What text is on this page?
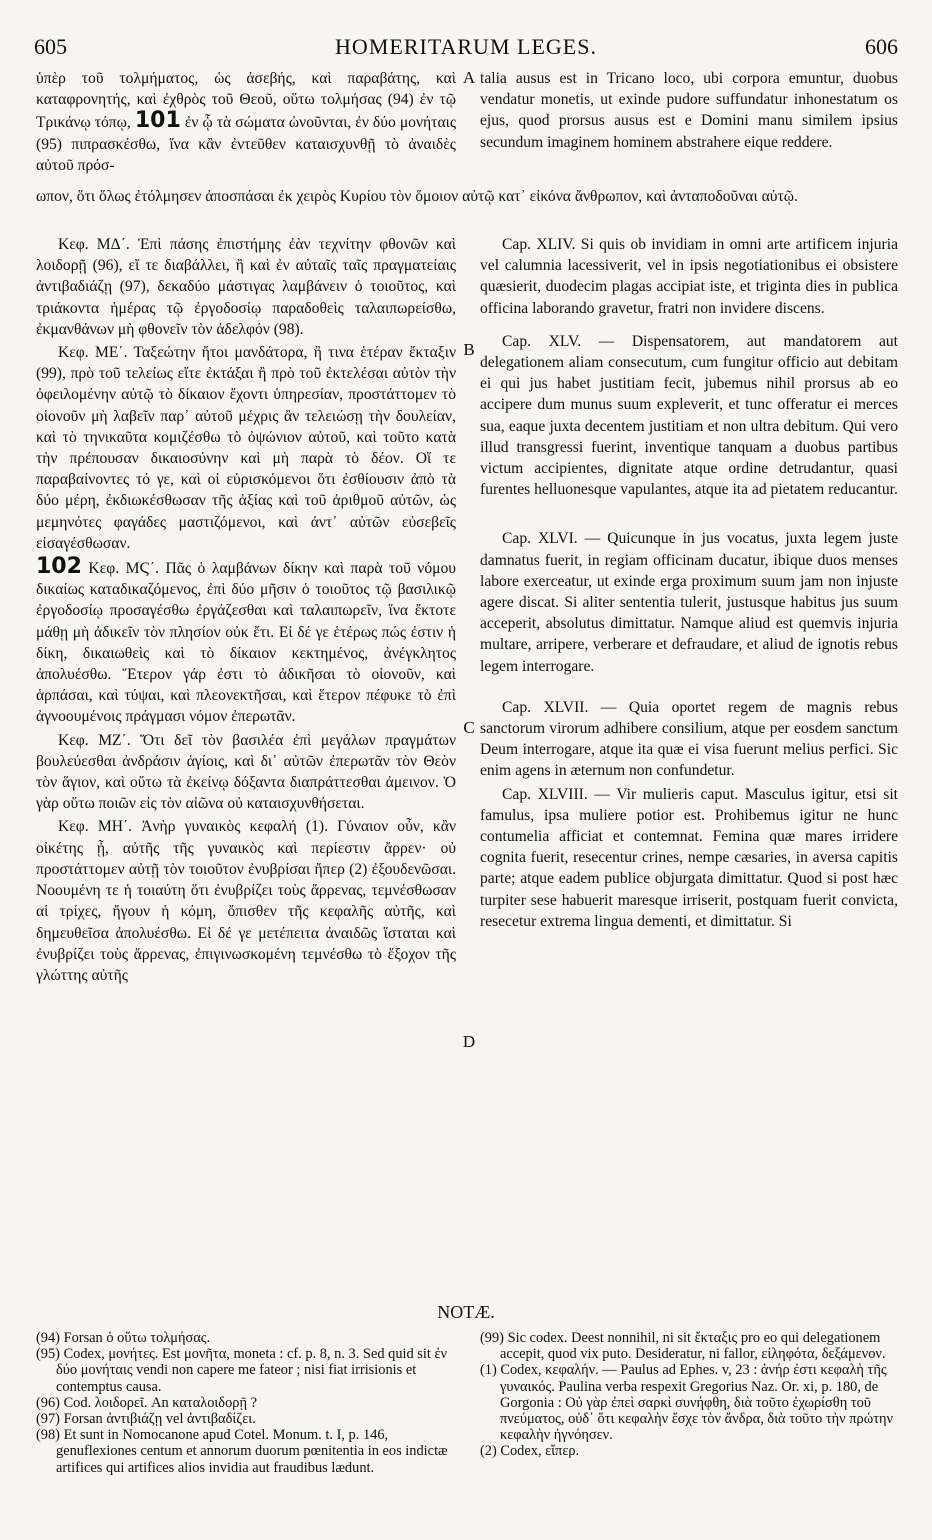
605	HOMERITARUM LEGES.	606
A
B
C
D

ὑπὲρ τοῦ τολμήματος, ὡς ἀσεβής, καὶ παραβάτης, καὶ καταφρονητής, καὶ ἐχθρὸς τοῦ Θεοῦ, οὕτω τολμήσας (94) ἐν τῷ Τρικάνῳ τόπῳ, 101 ἐν ᾧ τὰ σώματα ὠνοῦνται, ἐν δύο μονήταις (95) πιπρασκέσθω, ἵνα κἂν ἐντεῦθεν καταισχυνθῇ τὸ ἀναιδὲς αὐτοῦ πρόσ-

talia ausus est in Tricano loco, ubi corpora emuntur, duobus vendatur monetis, ut exinde pudore suffundatur inhonestatum os ejus, quod prorsus ausus est e Domini manu similem ipsius secundum imaginem hominem abstrahere eique reddere.

ωπον, ὅτι ὅλως ἐτόλμησεν ἀποσπάσαι ἐκ χειρὸς Κυρίου τὸν ὅμοιον αὐτῷ κατ᾽ εἰκόνα ἄνθρωπον, καὶ ἀνταποδοῦναι αὐτῷ.

Κεφ. ΜΔ΄. Ἐπὶ πάσης ἐπιστήμης ἐὰν τεχνίτην φθονῶν καὶ λοιδορῇ (96), εἴ τε διαβάλλει, ἢ καὶ ἐν αὐταῖς ταῖς πραγματείαις ἀντιβαδιάζῃ (97), δεκαδύο μάστιγας λαμβάνειν ὁ τοιοῦτος, καὶ τριάκοντα ἡμέρας τῷ ἐργοδοσίῳ παραδοθεὶς ταλαιπωρείσθω, ἐκμανθάνων μὴ φθονεῖν τὸν ἀδελφόν (98).

Κεφ. ΜΕ΄. Ταξεώτην ἤτοι μανδάτορα, ἢ τινα ἑτέραν ἔκταξιν (99), πρὸ τοῦ τελείως εἴτε ἐκτάξαι ἢ πρὸ τοῦ ἐκτελέσαι αὐτὸν τὴν ὀφειλομένην αὐτῷ τὸ δίκαιον ἔχοντι ὑπηρεσίαν, προστάττομεν τὸ οἱονοῦν μὴ λαβεῖν παρ᾽ αὐτοῦ μέχρις ἂν τελειώσῃ τὴν δουλείαν, καὶ τὸ τηνικαῦτα κομιζέσθω τὸ ὀψώνιον αὐτοῦ, καὶ τοῦτο κατὰ τὴν πρέπουσαν δικαιοσύνην καὶ μὴ παρὰ τὸ δέον. Οἵ τε παραβαίνοντες τό γε, καὶ οἱ εὑρισκόμενοι ὅτι ἐσθίουσιν ἀπὸ τὰ δύο μέρη, ἐκδιωκέσθωσαν τῆς ἀξίας καὶ τοῦ ἀριθμοῦ αὐτῶν, ὡς μεμηνότες φαγάδες μαστιζόμενοι, καὶ ἀντ᾽ αὐτῶν εὐσεβεῖς εἰσαγέσθωσαν.

102 Κεφ. ΜϚ΄. Πᾶς ὁ λαμβάνων δίκην καὶ παρὰ τοῦ νόμου δικαίως καταδικαζόμενος, ἐπὶ δύο μῆσιν ὁ τοιοῦτος τῷ βασιλικῷ ἐργοδοσίῳ προσαγέσθω ἐργάζεσθαι καὶ ταλαιπωρεῖν, ἵνα ἔκτοτε μάθῃ μὴ ἀδικεῖν τὸν πλησίον οὐκ ἔτι. Εἰ δέ γε ἑτέρως πώς ἐστιν ἡ δίκη, δικαιωθεὶς καὶ τὸ δίκαιον κεκτημένος, ἀνέγκλητος ἀπολυέσθω. Ἕτερον γάρ ἐστι τὸ ἀδικῆσαι τὸ οἱονοῦν, καὶ ἁρπάσαι, καὶ τύψαι, καὶ πλεονεκτῆσαι, καὶ ἕτερον πέφυκε τὸ ἐπὶ ἀγνοουμένοις πράγμασι νόμον ἐπερωτᾶν.

Κεφ. ΜΖ΄. Ὅτι δεῖ τὸν βασιλέα ἐπὶ μεγάλων πραγμάτων βουλεύεσθαι ἀνδράσιν ἁγίοις, καὶ δι᾽ αὐτῶν ἐπερωτᾶν τὸν Θεὸν τὸν ἅγιον, καὶ οὕτω τὰ ἐκείνῳ δόξαντα διαπράττεσθαι ἀμεινον. Ὁ γὰρ οὕτω ποιῶν εἰς τὸν αἰῶνα οὐ καταισχυνθήσεται.

Κεφ. ΜΗ΄. Ἀνὴρ γυναικὸς κεφαλή (1). Γύναιον οὖν, κἂν οἰκέτης ᾖ, αὐτῆς τῆς γυναικὸς καὶ περίεστιν ἄρρεν· οὐ προστάττομεν αὐτῇ τὸν τοιοῦτον ἐνυβρίσαι ἤπερ (2) ἐξουδενῶσαι. Νοουμένη τε ἡ τοιαύτη ὅτι ἐνυβρίζει τοὺς ἄρρενας, τεμνέσθωσαν αἱ τρίχες, ἤγουν ἡ κόμη, ὄπισθεν τῆς κεφαλῆς αὐτῆς, καὶ δημευθεῖσα ἀπολυέσθω. Εἰ δέ γε μετέπειτα ἀναιδῶς ἵσταται καὶ ἐνυβρίζει τοὺς ἄρρενας, ἐπιγινωσκομένη τεμνέσθω τὸ ἔξοχον τῆς γλώττης αὐτῆς

Cap. XLIV. Si quis ob invidiam in omni arte artificem injuria vel calumnia lacessiverit, vel in ipsis negotiationibus ei obsistere quæsierit, duodecim plagas accipiat iste, et triginta dies in publica officina laborando gravetur, fratri non invidere discens.

Cap. XLV. — Dispensatorem, aut mandatorem aut delegationem aliam consecutum, cum fungitur officio aut debitam ei qui jus habet justitiam fecit, jubemus nihil prorsus ab eo accipere dum munus suum expleverit, et tunc offeratur ei merces sua, eaque juxta decentem justitiam et non ultra debitum. Qui vero illud transgressi fuerint, inventique tanquam a duobus partibus victum accipientes, dignitate atque ordine detrudantur, quasi furentes helluonesque vapulantes, atque ita ad pietatem reducantur.

Cap. XLVI. — Quicunque in jus vocatus, juxta legem juste damnatus fuerit, in regiam officinam ducatur, ibique duos menses labore exerceatur, ut exinde erga proximum suum jam non injuste agere discat. Si aliter sententia tulerit, justusque habitus jus suum acceperit, absolutus dimittatur. Namque aliud est quemvis injuria multare, arripere, verberare et defraudare, et aliud de ignotis rebus legem interrogare.

Cap. XLVII. — Quia oportet regem de magnis rebus sanctorum virorum adhibere consilium, atque per eosdem sanctum Deum interrogare, atque ita quæ ei visa fuerunt melius perfici. Sic enim agens in æternum non confundetur.

Cap. XLVIII. — Vir mulieris caput. Masculus igitur, etsi sit famulus, ipsa muliere potior est. Prohibemus igitur ne hunc contumelia afficiat et contemnat. Femina quæ mares irridere cognita fuerit, resecentur crines, nempe cæsaries, in aversa capitis parte; atque eadem publice objurgata dimittatur. Quod si post hæc turpiter sese habuerit maresque irriserit, postquam fuerit convicta, resecetur extrema lingua dementi, et dimittatur. Si

NOTÆ.

(94) Forsan ὁ οὕτω τολμήσας.

(95) Codex, μονήτες. Est μονῆτα, moneta : cf. p. 8, n. 3. Sed quid sit ἐν δύο μονήταις vendi non capere me fateor ; nisi fiat irrisionis et contemptus causa.

(96) Cod. λοιδορεῖ. An καταλοιδορῇ ?

(97) Forsan ἀντιβιάζῃ vel ἀντιβαδίζει.

(98) Et sunt in Nomocanone apud Cotel. Monum. t. I, p. 146, genuflexiones centum et annorum duorum pœnitentia in eos indictæ artifices qui artifices alios invidia aut fraudibus lædunt.

(99) Sic codex. Deest nonnihil, ni sit ἔκταξις pro eo qui delegationem accepit, quod vix puto. Desideratur, ni fallor, εἰληφότα, δεξάμενον.

(1) Codex, κεφαλήν. — Paulus ad Ephes. v, 23 : ἀνήρ ἐστι κεφαλὴ τῆς γυναικός. Paulina verba respexit Gregorius Naz. Or. xi, p. 180, de Gorgonia : Οὐ γὰρ ἐπεὶ σαρκὶ συνήφθη, διὰ τοῦτο ἐχωρίσθη τοῦ πνεύματος, οὐδ᾽ ὅτι κεφαλὴν ἔσχε τὸν ἄνδρα, διὰ τοῦτο τὴν πρώτην κεφαλὴν ἠγνόησεν.

(2) Codex, εἴπερ.
